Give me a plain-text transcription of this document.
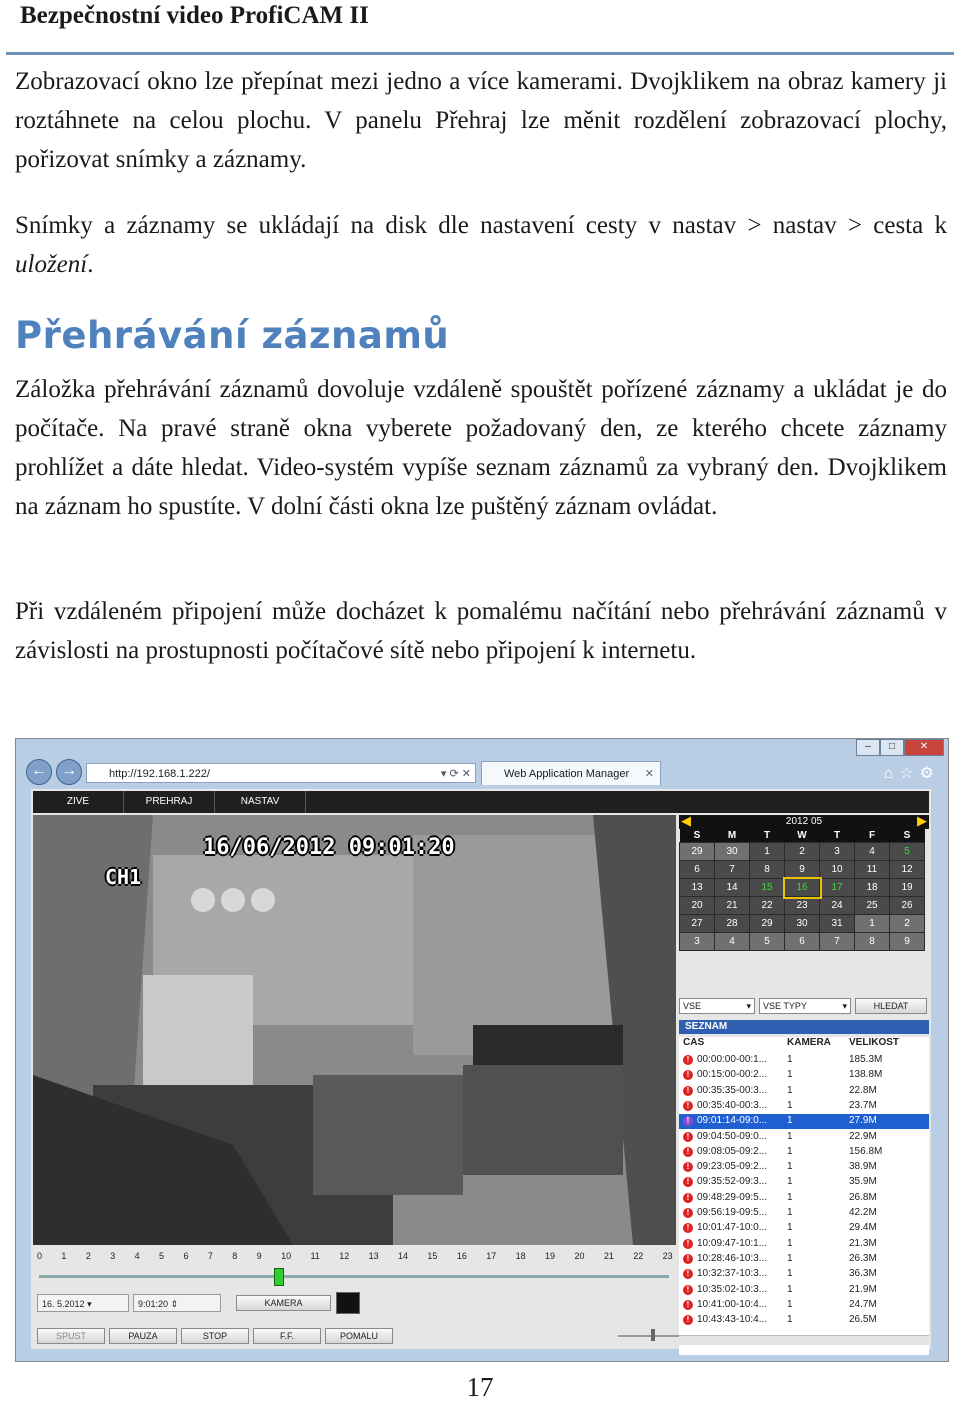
Bezpečnostní video ProfiCAM II
Zobrazovací okno lze přepínat mezi jedno a více kamerami. Dvojklikem na obraz kamery ji roztáhnete na celou plochu. V panelu Přehraj lze měnit rozdělení zobrazovací plochy, pořizovat snímky a záznamy.
Snímky a záznamy se ukládají na disk dle nastavení cesty v nastav > nastav > cesta k uložení.
Přehrávání záznamů
Záložka přehrávání záznamů dovoluje vzdáleně spouštět pořízené záznamy a ukládat je do počítače. Na pravé straně okna vyberete požadovaný den, ze kterého chcete záznamy prohlížet a dáte hledat. Video-systém vypíše seznam záznamů za vybraný den. Dvojklikem na záznam ho spustíte. V dolní části okna lze puštěný záznam ovládat.
Při vzdáleném připojení může docházet k pomalému načítání nebo přehrávání záznamů v závislosti na prostupnosti počítačové sítě nebo připojení k internetu.
–	□	✕
← →	http://192.168.1.222/	▾ ⟳ ✕	Web Application Manager ✕	⌂☆⚙
ZIVE	PREHRAJ	NASTAV
16/06/2012 09:01:20
CH1
0 1 2 3 4 5 6 7 8 9 10 11 12 13 14 15 16 17 18 19 20 21 22 23
16. 5.2012 ▾	9:01:20 ⇕	KAMERA
SPUST	PAUZA	STOP	F.F.	POMALU
◀	2012 05	▶
S	M	T	W	T	F	S
29	30	1	2	3	4	5
6	7	8	9	10	11	12
13	14	15	16	17	18	19
20	21	22	23	24	25	26
27	28	29	30	31	1	2
3	4	5	6	7	8	9
VSE	▾	VSE TYPY	▾	HLEDAT
SEZNAM
CAS	KAMERA VELIKOST
! 00:00:00-00:1... 1	185.3M
! 00:15:00-00:2... 1	138.8M
! 00:35:35-00:3... 1	22.8M
! 00:35:40-00:3... 1	23.7M
! 09:01:14-09:0... 1	27.9M
! 09:04:50-09:0... 1	22.9M
! 09:08:05-09:2... 1	156.8M
! 09:23:05-09:2... 1	38.9M
! 09:35:52-09:3... 1	35.9M
! 09:48:29-09:5... 1	26.8M
! 09:56:19-09:5... 1	42.2M
! 10:01:47-10:0... 1	29.4M
! 10:09:47-10:1... 1	21.3M
! 10:28:46-10:3... 1	26.3M
! 10:32:37-10:3... 1	36.3M
! 10:35:02-10:3... 1	21.9M
! 10:41:00-10:4... 1	24.7M
! 10:43:43-10:4... 1	26.5M
17
